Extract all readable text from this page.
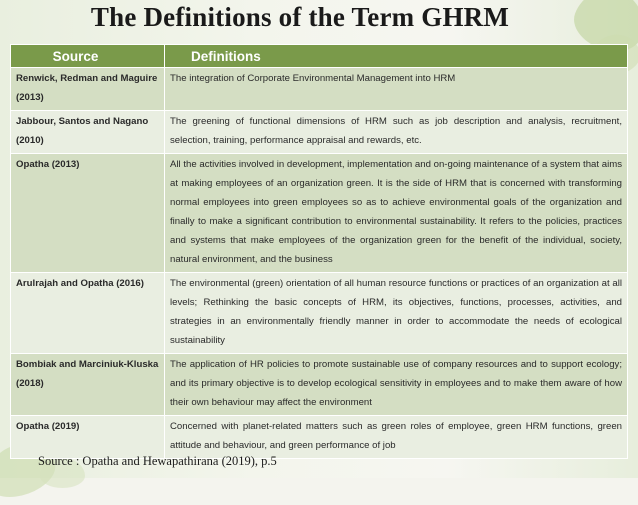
The Definitions of the Term GHRM
Source	Definitions
Renwick, Redman and Maguire (2013)	The integration of Corporate Environmental Management into HRM
Jabbour, Santos and Nagano (2010)	The greening of functional dimensions of HRM such as job description and analysis, recruitment, selection, training, performance appraisal and rewards, etc.
Opatha (2013)	All the activities involved in development, implementation and on-going maintenance of a system that aims at making employees of an organization green. It is the side of HRM that is concerned with transforming normal employees into green employees so as to achieve environmental goals of the organization and finally to make a significant contribution to environmental sustainability. It refers to the policies, practices and systems that make employees of the organization green for the benefit of the individual, society, natural environment, and the business
Arulrajah and Opatha (2016)	The environmental (green) orientation of all human resource functions or practices of an organization at all levels; Rethinking the basic concepts of HRM, its objectives, functions, processes, activities, and strategies in an environmentally friendly manner in order to accommodate the needs of ecological sustainability
Bombiak and Marciniuk-Kluska (2018)	The application of HR policies to promote sustainable use of company resources and to support ecology; and its primary objective is to develop ecological sensitivity in employees and to make them aware of how their own behaviour may affect the environment
Opatha (2019)	Concerned with planet-related matters such as green roles of employee, green HRM functions, green attitude and behaviour, and green performance of job
Source : Opatha and Hewapathirana (2019), p.5
